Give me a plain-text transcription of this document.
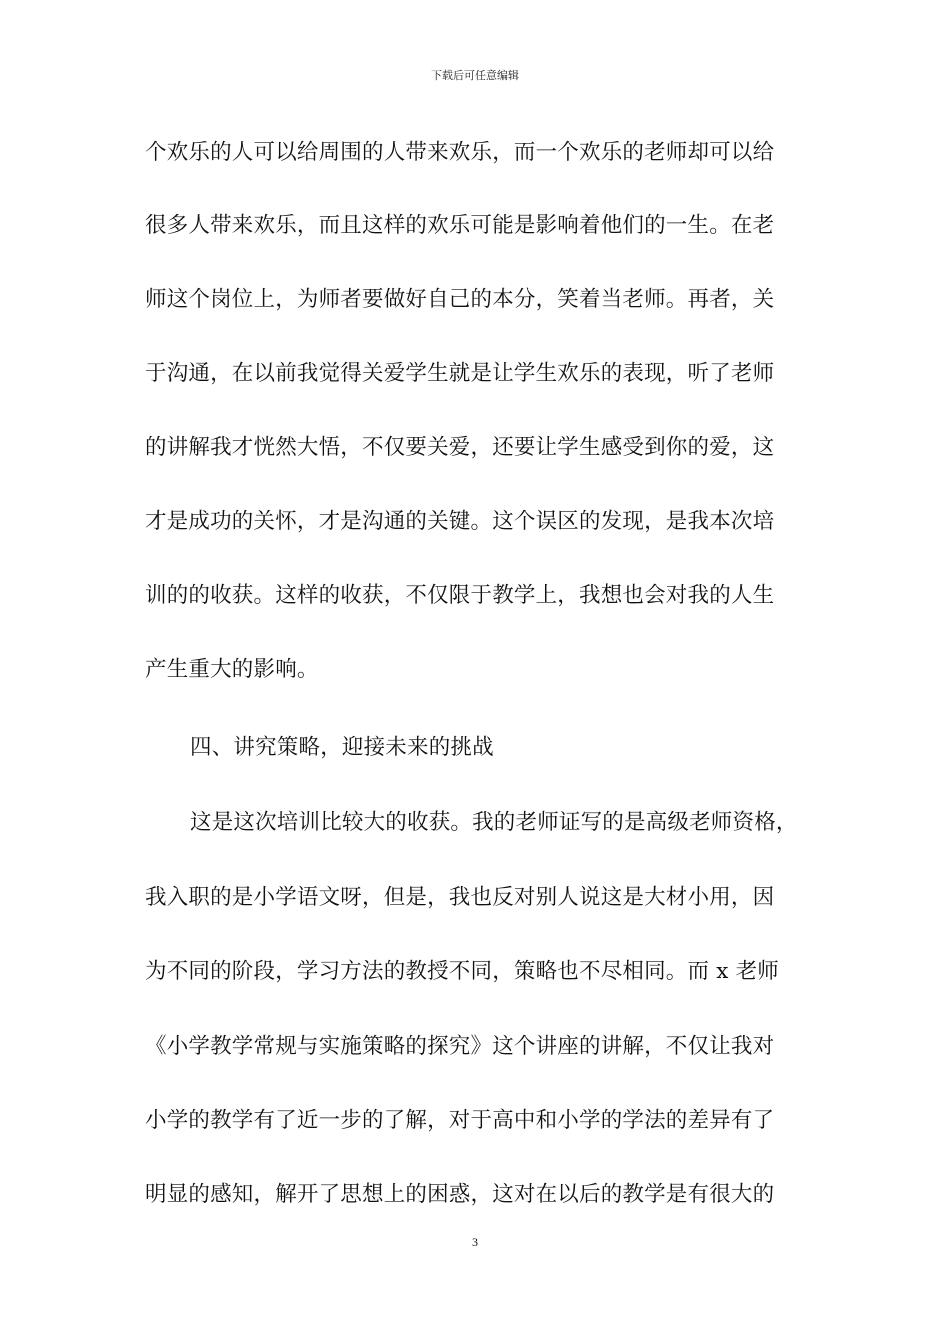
下载后可任意编辑
个欢乐的人可以给周围的人带来欢乐，而一个欢乐的老师却可以给
很多人带来欢乐，而且这样的欢乐可能是影响着他们的一生。在老
师这个岗位上，为师者要做好自己的本分，笑着当老师。再者，关
于沟通，在以前我觉得关爱学生就是让学生欢乐的表现，听了老师
的讲解我才恍然大悟，不仅要关爱，还要让学生感受到你的爱，这
才是成功的关怀，才是沟通的关键。这个误区的发现，是我本次培
训的的收获。这样的收获，不仅限于教学上，我想也会对我的人生
产生重大的影响。
四、讲究策略，迎接未来的挑战
这是这次培训比较大的收获。我的老师证写的是高级老师资格，
我入职的是小学语文呀，但是，我也反对别人说这是大材小用，因
为不同的阶段，学习方法的教授不同，策略也不尽相同。而 x 老师
《小学教学常规与实施策略的探究》这个讲座的讲解，不仅让我对
小学的教学有了近一步的了解，对于高中和小学的学法的差异有了
明显的感知，解开了思想上的困惑，这对在以后的教学是有很大的
3
